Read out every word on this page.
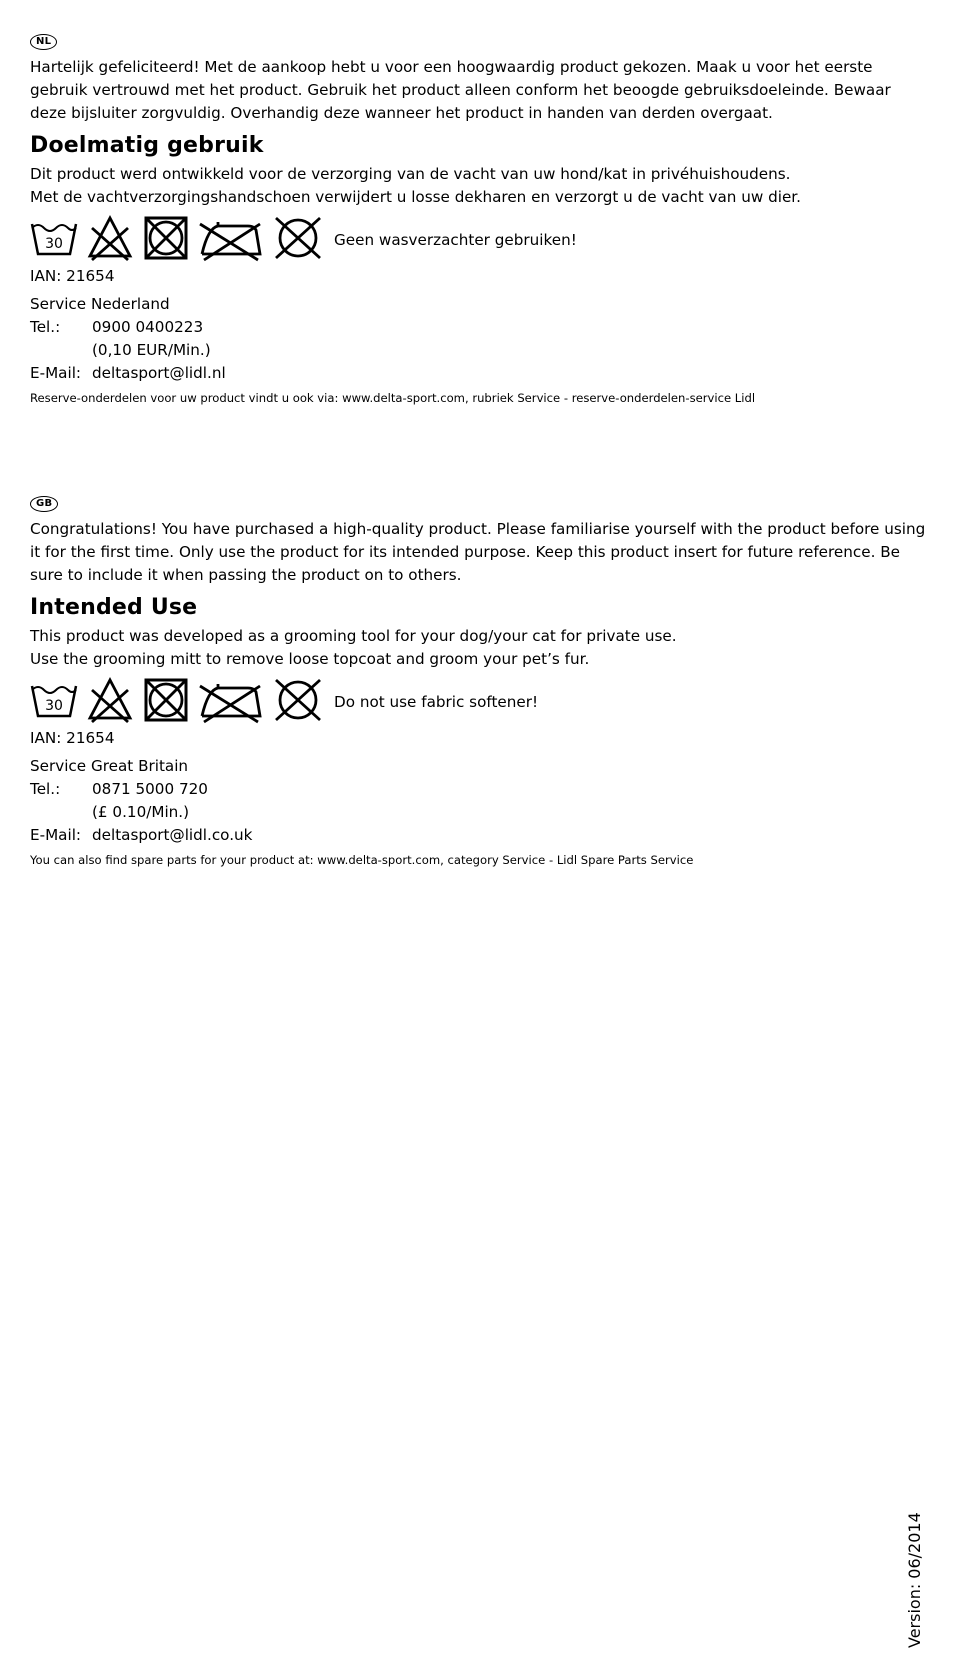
NL

Hartelijk gefeliciteerd! Met de aankoop hebt u voor een hoogwaardig product gekozen. Maak u voor het eerste gebruik vertrouwd met het product. Gebruik het product alleen conform het beoogde gebruiksdoeleinde. Bewaar deze bijsluiter zorgvuldig. Overhandig deze wanneer het product in handen van derden overgaat.

Doelmatig gebruik
Dit product werd ontwikkeld voor de verzorging van de vacht van uw hond/kat in privéhuishoudens.
Met de vachtverzorgingshandschoen verwijdert u losse dekharen en verzorgt u de vacht van uw dier.
30	Geen wasverzachter gebruiken!
IAN: 21654
Service Nederland
Tel.:	0900 0400223
(0,10 EUR/Min.)
E-Mail: deltasport@lidl.nl
Reserve-onderdelen voor uw product vindt u ook via: www.delta-sport.com, rubriek Service - reserve-onderdelen-service Lidl
GB

Congratulations! You have purchased a high-quality product. Please familiarise yourself with the product before using it for the first time. Only use the product for its intended purpose. Keep this product insert for future reference. Be sure to include it when passing the product on to others.

Intended Use
This product was developed as a grooming tool for your dog/your cat for private use.
Use the grooming mitt to remove loose topcoat and groom your pet’s fur.
30	Do not use fabric softener!
IAN: 21654
Service Great Britain
Tel.:	0871 5000 720
(£ 0.10/Min.)
E-Mail: deltasport@lidl.co.uk
You can also find spare parts for your product at: www.delta-sport.com, category Service - Lidl Spare Parts Service
Version: 06/2014
